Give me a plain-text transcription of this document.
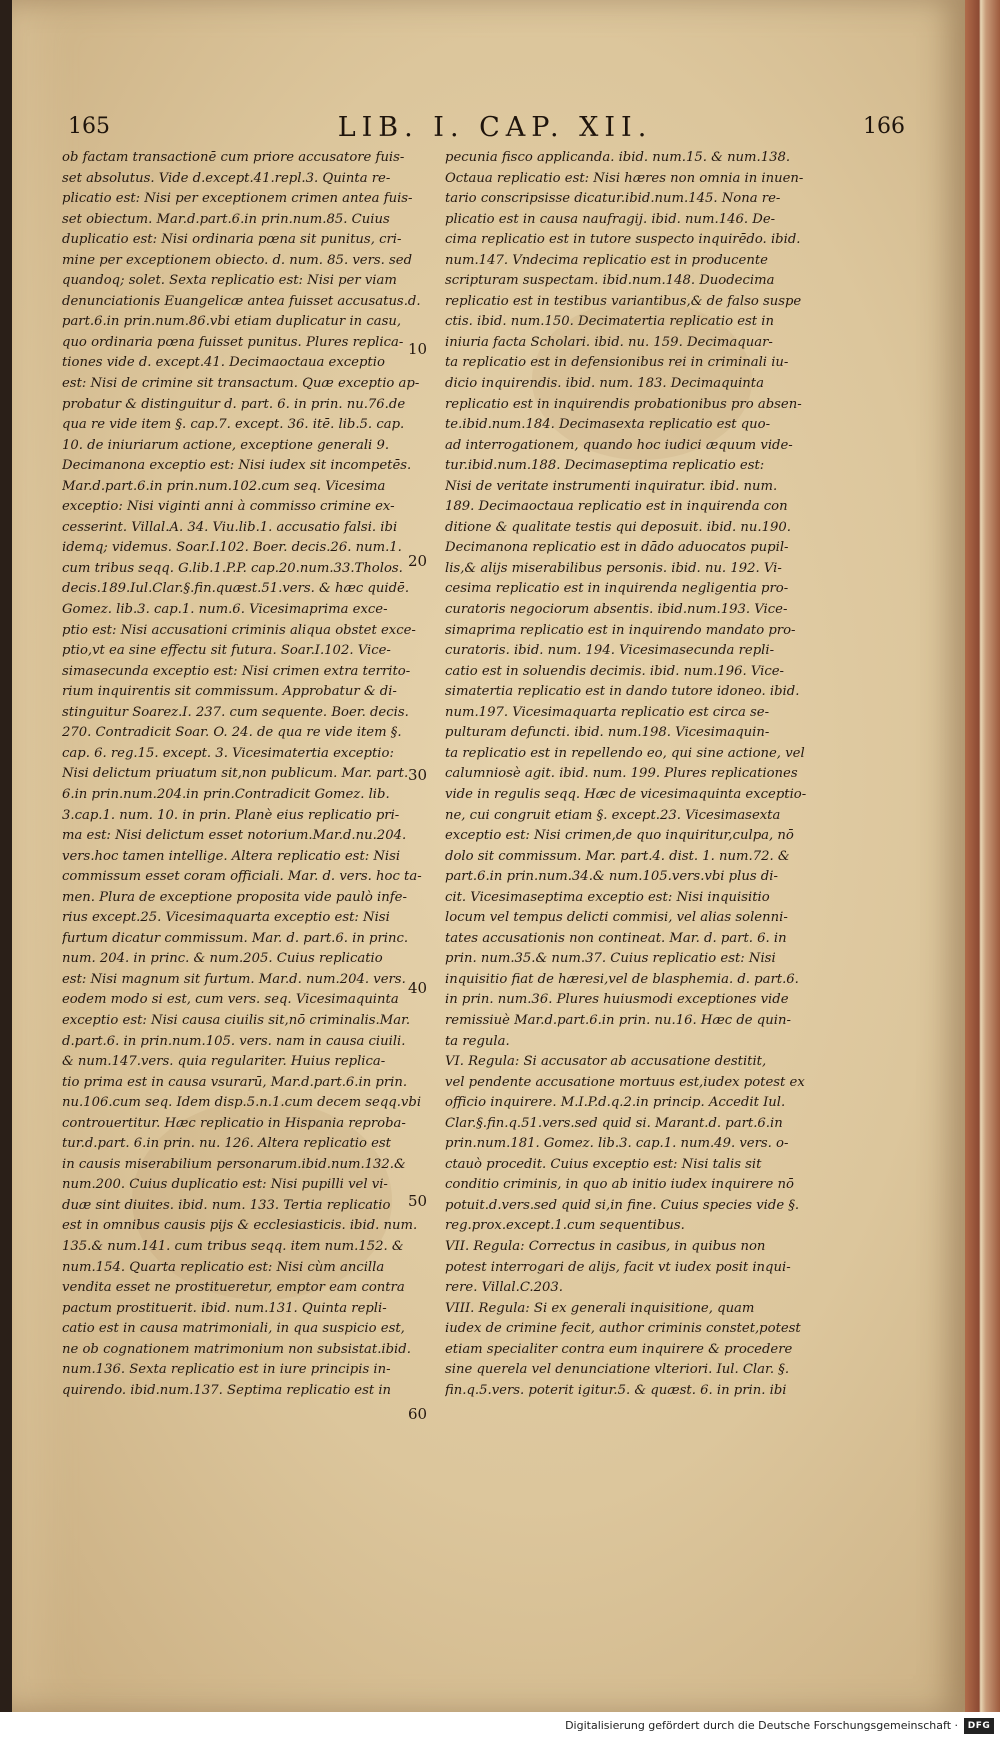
165	LIB. I. CAP. XII.	166
ob factam transactionē cum priore accusatore fuis-
set absolutus. Vide d.except.41.repl.3. Quinta re-
plicatio est: Nisi per exceptionem crimen antea fuis-
set obiectum. Mar.d.part.6.in prin.num.85. Cuius
duplicatio est: Nisi ordinaria pœna sit punitus, cri-
mine per exceptionem obiecto. d. num. 85. vers. sed
quandoq; solet. Sexta replicatio est: Nisi per viam
denunciationis Euangelicæ antea fuisset accusatus.d.
part.6.in prin.num.86.vbi etiam duplicatur in casu,
quo ordinaria pœna fuisset punitus. Plures replica-
tiones vide d. except.41. Decimaoctaua exceptio
est: Nisi de crimine sit transactum. Quæ exceptio ap-
probatur & distinguitur d. part. 6. in prin. nu.76.de
qua re vide item §. cap.7. except. 36. itē. lib.5. cap.
10. de iniuriarum actione, exceptione generali 9.
Decimanona exceptio est: Nisi iudex sit incompetēs.
Mar.d.part.6.in prin.num.102.cum seq. Vicesima
exceptio: Nisi viginti anni à commisso crimine ex-
cesserint. Villal.A. 34. Viu.lib.1. accusatio falsi. ibi
idemq; videmus. Soar.I.102. Boer. decis.26. num.1.
cum tribus seqq. G.lib.1.P.P. cap.20.num.33.Tholos.
decis.189.Iul.Clar.§.fin.quæst.51.vers. & hæc quidē.
Gomez. lib.3. cap.1. num.6. Vicesimaprima exce-
ptio est: Nisi accusationi criminis aliqua obstet exce-
ptio,vt ea sine effectu sit futura. Soar.I.102. Vice-
simasecunda exceptio est: Nisi crimen extra territo-
rium inquirentis sit commissum. Approbatur & di-
stinguitur Soarez.I. 237. cum sequente. Boer. decis.
270. Contradicit Soar. O. 24. de qua re vide item §.
cap. 6. reg.15. except. 3. Vicesimatertia exceptio:
Nisi delictum priuatum sit,non publicum. Mar. part.
6.in prin.num.204.in prin.Contradicit Gomez. lib.
3.cap.1. num. 10. in prin. Planè eius replicatio pri-
ma est: Nisi delictum esset notorium.Mar.d.nu.204.
vers.hoc tamen intellige. Altera replicatio est: Nisi
commissum esset coram officiali. Mar. d. vers. hoc ta-
men. Plura de exceptione proposita vide paulò infe-
rius except.25. Vicesimaquarta exceptio est: Nisi
furtum dicatur commissum. Mar. d. part.6. in princ.
num. 204. in princ. & num.205. Cuius replicatio
est: Nisi magnum sit furtum. Mar.d. num.204. vers.
eodem modo si est, cum vers. seq. Vicesimaquinta
exceptio est: Nisi causa ciuilis sit,nō criminalis.Mar.
d.part.6. in prin.num.105. vers. nam in causa ciuili.
& num.147.vers. quia regulariter. Huius replica-
tio prima est in causa vsurarū, Mar.d.part.6.in prin.
nu.106.cum seq. Idem disp.5.n.1.cum decem seqq.vbi
controuertitur. Hæc replicatio in Hispania reproba-
tur.d.part. 6.in prin. nu. 126. Altera replicatio est
in causis miserabilium personarum.ibid.num.132.&
num.200. Cuius duplicatio est: Nisi pupilli vel vi-
duæ sint diuites. ibid. num. 133. Tertia replicatio
est in omnibus causis pijs & ecclesiasticis. ibid. num.
135.& num.141. cum tribus seqq. item num.152. &
num.154. Quarta replicatio est: Nisi cùm ancilla
vendita esset ne prostitueretur, emptor eam contra
pactum prostituerit. ibid. num.131. Quinta repli-
catio est in causa matrimoniali, in qua suspicio est,
ne ob cognationem matrimonium non subsistat.ibid.
num.136. Sexta replicatio est in iure principis in-
quirendo. ibid.num.137. Septima replicatio est in
pecunia fisco applicanda. ibid. num.15. & num.138.
Octaua replicatio est: Nisi hæres non omnia in inuen-
tario conscripsisse dicatur.ibid.num.145. Nona re-
plicatio est in causa naufragij. ibid. num.146. De-
cima replicatio est in tutore suspecto inquirēdo. ibid.
num.147. Vndecima replicatio est in producente
scripturam suspectam. ibid.num.148. Duodecima
replicatio est in testibus variantibus,& de falso suspe
ctis. ibid. num.150. Decimatertia replicatio est in
iniuria facta Scholari. ibid. nu. 159. Decimaquar-
ta replicatio est in defensionibus rei in criminali iu-
dicio inquirendis. ibid. num. 183. Decimaquinta
replicatio est in inquirendis probationibus pro absen-
te.ibid.num.184. Decimasexta replicatio est quo-
ad interrogationem, quando hoc iudici æquum vide-
tur.ibid.num.188. Decimaseptima replicatio est:
Nisi de veritate instrumenti inquiratur. ibid. num.
189. Decimaoctaua replicatio est in inquirenda con
ditione & qualitate testis qui deposuit. ibid. nu.190.
Decimanona replicatio est in dādo aduocatos pupil-
lis,& alijs miserabilibus personis. ibid. nu. 192. Vi-
cesima replicatio est in inquirenda negligentia pro-
curatoris negociorum absentis. ibid.num.193. Vice-
simaprima replicatio est in inquirendo mandato pro-
curatoris. ibid. num. 194. Vicesimasecunda repli-
catio est in soluendis decimis. ibid. num.196. Vice-
simatertia replicatio est in dando tutore idoneo. ibid.
num.197. Vicesimaquarta replicatio est circa se-
pulturam defuncti. ibid. num.198. Vicesimaquin-
ta replicatio est in repellendo eo, qui sine actione, vel
calumniosè agit. ibid. num. 199. Plures replicationes
vide in regulis seqq. Hæc de vicesimaquinta exceptio-
ne, cui congruit etiam §. except.23. Vicesimasexta
exceptio est: Nisi crimen,de quo inquiritur,culpa, nō
dolo sit commissum. Mar. part.4. dist. 1. num.72. &
part.6.in prin.num.34.& num.105.vers.vbi plus di-
cit. Vicesimaseptima exceptio est: Nisi inquisitio
locum vel tempus delicti commisi, vel alias solenni-
tates accusationis non contineat. Mar. d. part. 6. in
prin. num.35.& num.37. Cuius replicatio est: Nisi
inquisitio fiat de hæresi,vel de blasphemia. d. part.6.
in prin. num.36. Plures huiusmodi exceptiones vide
remissiuè Mar.d.part.6.in prin. nu.16. Hæc de quin-
ta regula.
VI. Regula: Si accusator ab accusatione destitit,
vel pendente accusatione mortuus est,iudex potest ex
officio inquirere. M.I.P.d.q.2.in princip. Accedit Iul.
Clar.§.fin.q.51.vers.sed quid si. Marant.d. part.6.in
prin.num.181. Gomez. lib.3. cap.1. num.49. vers. o-
ctauò procedit. Cuius exceptio est: Nisi talis sit
conditio criminis, in quo ab initio iudex inquirere nō
potuit.d.vers.sed quid si,in fine. Cuius species vide §.
reg.prox.except.1.cum sequentibus.
VII. Regula: Correctus in casibus, in quibus non
potest interrogari de alijs, facit vt iudex posit inqui-
rere. Villal.C.203.
VIII. Regula: Si ex generali inquisitione, quam
iudex de crimine fecit, author criminis constet,potest
etiam specialiter contra eum inquirere & procedere
sine querela vel denunciatione vlteriori. Iul. Clar. §.
fin.q.5.vers. poterit igitur.5. & quæst. 6. in prin. ibi
10
20
30
40
50
60
Digitalisierung gefördert durch die Deutsche Forschungsgemeinschaft · DFG
